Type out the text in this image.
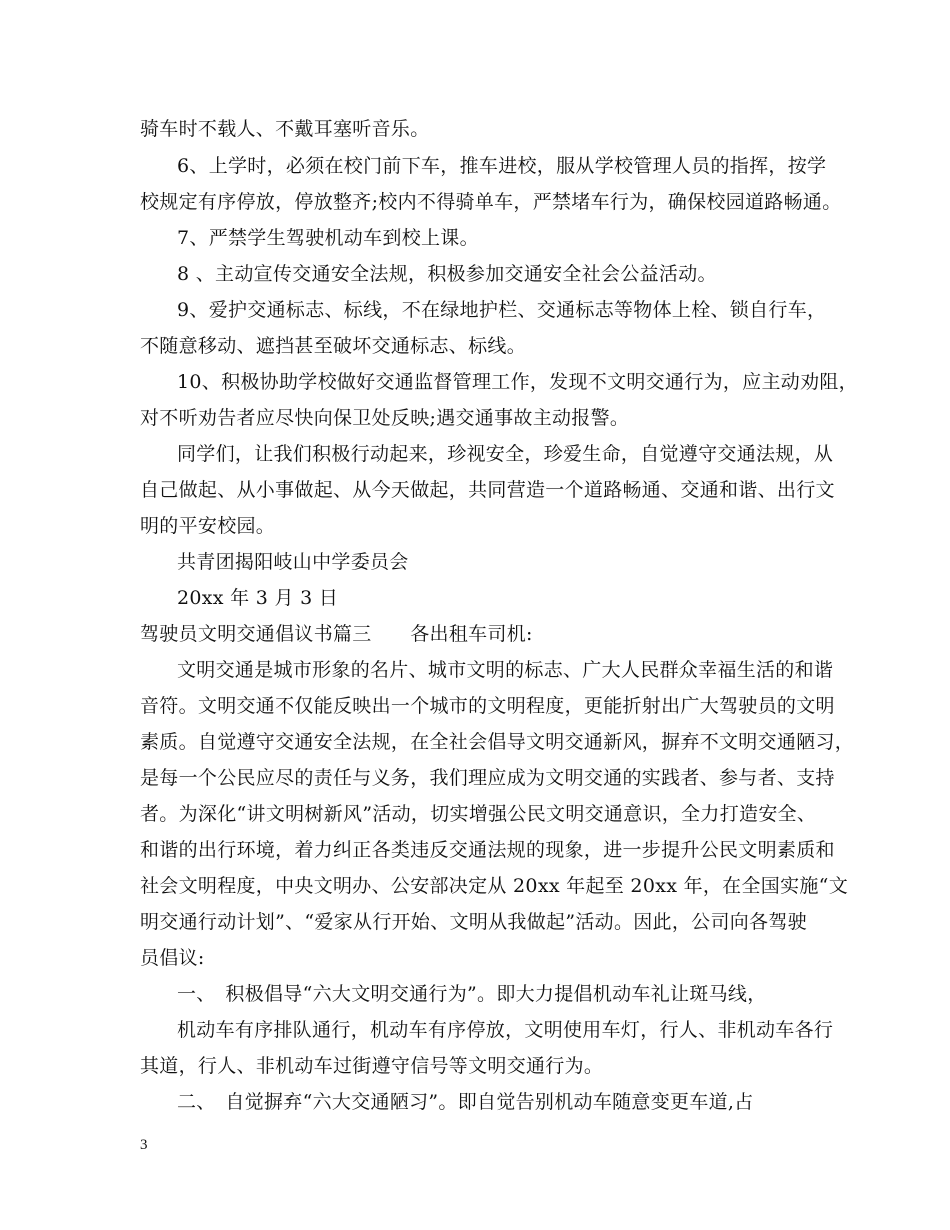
骑车时不载人、不戴耳塞听音乐。
6、上学时，必须在校门前下车，推车进校，服从学校管理人员的指挥，按学
校规定有序停放，停放整齐;校内不得骑单车，严禁堵车行为，确保校园道路畅通。
7、严禁学生驾驶机动车到校上课。
8 、主动宣传交通安全法规，积极参加交通安全社会公益活动。
9、爱护交通标志、标线，不在绿地护栏、交通标志等物体上栓、锁自行车，
不随意移动、遮挡甚至破坏交通标志、标线。
10、积极协助学校做好交通监督管理工作，发现不文明交通行为，应主动劝阻，
对不听劝告者应尽快向保卫处反映;遇交通事故主动报警。
同学们，让我们积极行动起来，珍视安全，珍爱生命，自觉遵守交通法规，从
自己做起、从小事做起、从今天做起，共同营造一个道路畅通、交通和谐、出行文
明的平安校园。
共青团揭阳岐山中学委员会
20xx 年 3 月 3 日
驾驶员文明交通倡议书篇三　　各出租车司机:
文明交通是城市形象的名片、城市文明的标志、广大人民群众幸福生活的和谐
音符。文明交通不仅能反映出一个城市的文明程度，更能折射出广大驾驶员的文明
素质。自觉遵守交通安全法规，在全社会倡导文明交通新风，摒弃不文明交通陋习，
是每一个公民应尽的责任与义务，我们理应成为文明交通的实践者、参与者、支持
者。为深化“讲文明树新风”活动，切实增强公民文明交通意识，全力打造安全、
和谐的出行环境，着力纠正各类违反交通法规的现象，进一步提升公民文明素质和
社会文明程度，中央文明办、公安部决定从 20xx 年起至 20xx 年，在全国实施“文
明交通行动计划”、“爱家从行开始、文明从我做起”活动。因此，公司向各驾驶
员倡议:
一、　积极倡导“六大文明交通行为”。即大力提倡机动车礼让斑马线，
机动车有序排队通行，机动车有序停放，文明使用车灯，行人、非机动车各行
其道，行人、非机动车过街遵守信号等文明交通行为。
二、　自觉摒弃“六大交通陋习”。即自觉告别机动车随意变更车道,占
3
